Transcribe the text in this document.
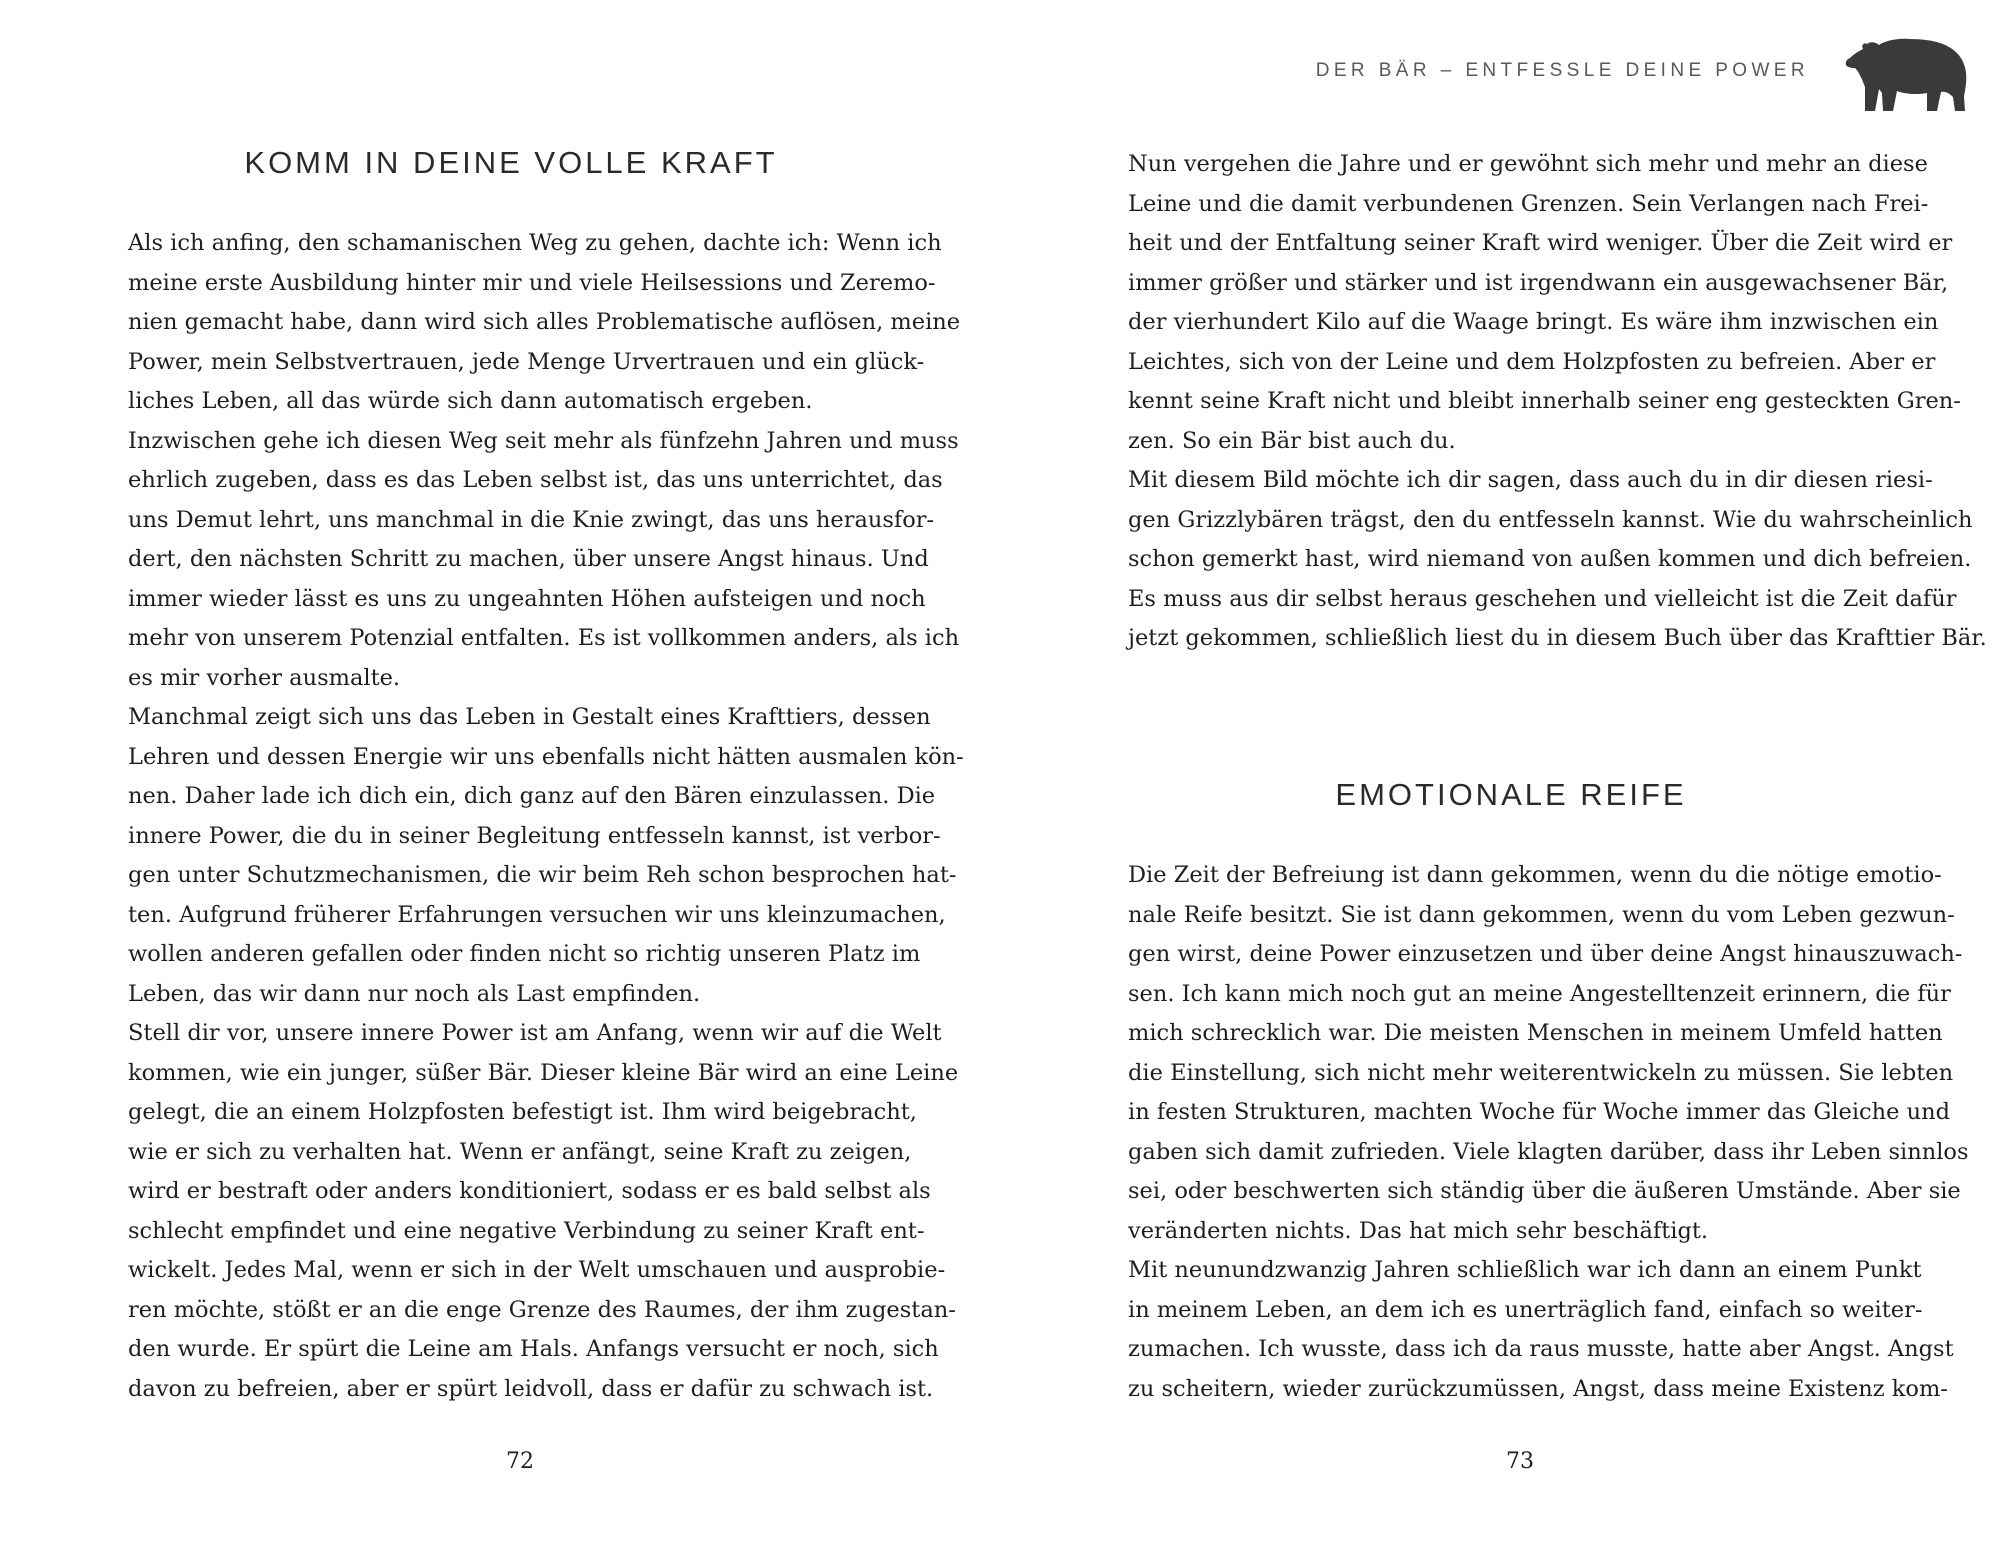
KOMM IN DEINE VOLLE KRAFT

Als ich anfing, den schamanischen Weg zu gehen, dachte ich: Wenn ich
meine erste Ausbildung hinter mir und viele Heilsessions und Zeremo-
nien gemacht habe, dann wird sich alles Problematische auflösen, meine
Power, mein Selbstvertrauen, jede Menge Urvertrauen und ein glück-
liches Leben, all das würde sich dann automatisch ergeben.

Inzwischen gehe ich diesen Weg seit mehr als fünfzehn Jahren und muss
ehrlich zugeben, dass es das Leben selbst ist, das uns unterrichtet, das
uns Demut lehrt, uns manchmal in die Knie zwingt, das uns herausfor-
dert, den nächsten Schritt zu machen, über unsere Angst hinaus. Und
immer wieder lässt es uns zu ungeahnten Höhen aufsteigen und noch
mehr von unserem Potenzial entfalten. Es ist vollkommen anders, als ich
es mir vorher ausmalte.

Manchmal zeigt sich uns das Leben in Gestalt eines Krafttiers, dessen
Lehren und dessen Energie wir uns ebenfalls nicht hätten ausmalen kön-
nen. Daher lade ich dich ein, dich ganz auf den Bären einzulassen. Die
innere Power, die du in seiner Begleitung entfesseln kannst, ist verbor-
gen unter Schutzmechanismen, die wir beim Reh schon besprochen hat-
ten. Aufgrund früherer Erfahrungen versuchen wir uns kleinzumachen,
wollen anderen gefallen oder finden nicht so richtig unseren Platz im
Leben, das wir dann nur noch als Last empfinden.

Stell dir vor, unsere innere Power ist am Anfang, wenn wir auf die Welt
kommen, wie ein junger, süßer Bär. Dieser kleine Bär wird an eine Leine
gelegt, die an einem Holzpfosten befestigt ist. Ihm wird beigebracht,
wie er sich zu verhalten hat. Wenn er anfängt, seine Kraft zu zeigen,
wird er bestraft oder anders konditioniert, sodass er es bald selbst als
schlecht empfindet und eine negative Verbindung zu seiner Kraft ent-
wickelt. Jedes Mal, wenn er sich in der Welt umschauen und ausprobie-
ren möchte, stößt er an die enge Grenze des Raumes, der ihm zugestan-
den wurde. Er spürt die Leine am Hals. Anfangs versucht er noch, sich
davon zu befreien, aber er spürt leidvoll, dass er dafür zu schwach ist.

72

Nun vergehen die Jahre und er gewöhnt sich mehr und mehr an diese
Leine und die damit verbundenen Grenzen. Sein Verlangen nach Frei-
heit und der Entfaltung seiner Kraft wird weniger. Über die Zeit wird er
immer größer und stärker und ist irgendwann ein ausgewachsener Bär,
der vierhundert Kilo auf die Waage bringt. Es wäre ihm inzwischen ein
Leichtes, sich von der Leine und dem Holzpfosten zu befreien. Aber er
kennt seine Kraft nicht und bleibt innerhalb seiner eng gesteckten Gren-
zen. So ein Bär bist auch du.

Mit diesem Bild möchte ich dir sagen, dass auch du in dir diesen riesi-
gen Grizzlybären trägst, den du entfesseln kannst. Wie du wahrscheinlich
schon gemerkt hast, wird niemand von außen kommen und dich befreien.
Es muss aus dir selbst heraus geschehen und vielleicht ist die Zeit dafür
jetzt gekommen, schließlich liest du in diesem Buch über das Krafttier Bär.

EMOTIONALE REIFE

Die Zeit der Befreiung ist dann gekommen, wenn du die nötige emotio-
nale Reife besitzt. Sie ist dann gekommen, wenn du vom Leben gezwun-
gen wirst, deine Power einzusetzen und über deine Angst hinauszuwach-
sen. Ich kann mich noch gut an meine Angestelltenzeit erinnern, die für
mich schrecklich war. Die meisten Menschen in meinem Umfeld hatten
die Einstellung, sich nicht mehr weiterentwickeln zu müssen. Sie lebten
in festen Strukturen, machten Woche für Woche immer das Gleiche und
gaben sich damit zufrieden. Viele klagten darüber, dass ihr Leben sinnlos
sei, oder beschwerten sich ständig über die äußeren Umstände. Aber sie
veränderten nichts. Das hat mich sehr beschäftigt.

Mit neunundzwanzig Jahren schließlich war ich dann an einem Punkt
in meinem Leben, an dem ich es unerträglich fand, einfach so weiter-
zumachen. Ich wusste, dass ich da raus musste, hatte aber Angst. Angst
zu scheitern, wieder zurückzumüssen, Angst, dass meine Existenz kom-

73
DER BÄR – ENTFESSLE DEINE POWER
